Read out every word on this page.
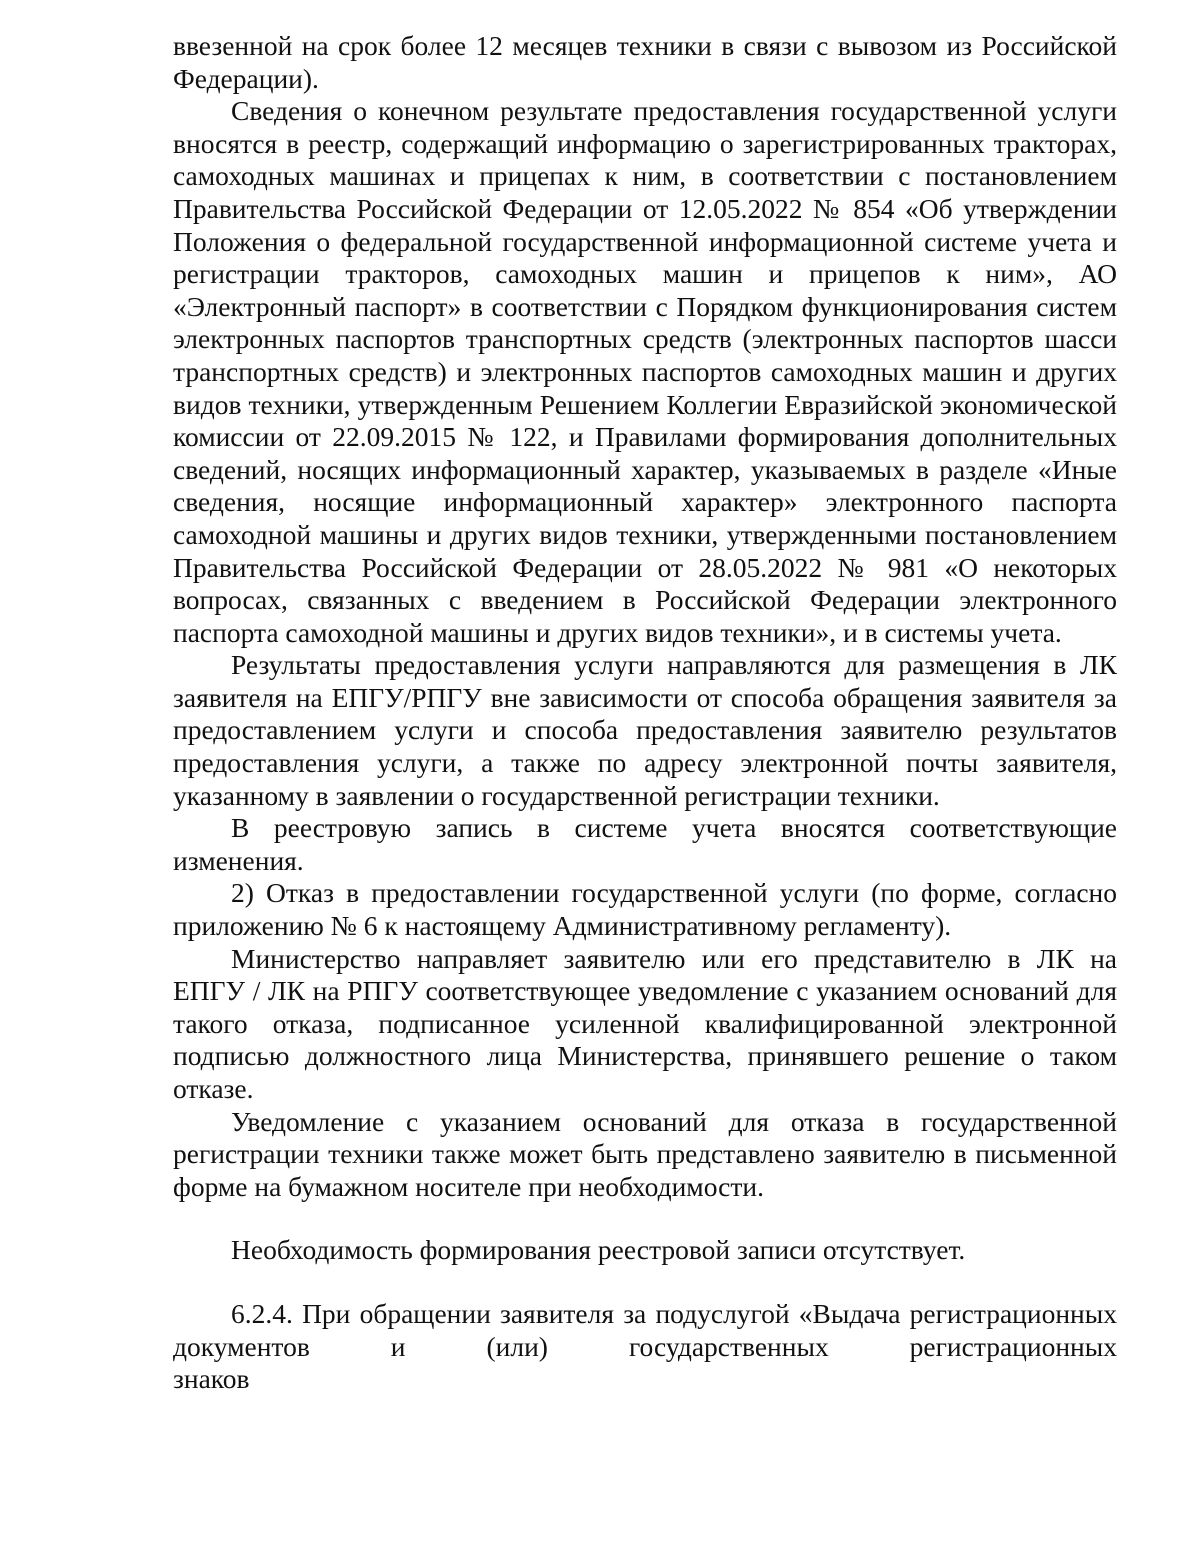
ввезенной на срок более 12 месяцев техники в связи с вывозом из Российской Федерации).

Сведения о конечном результате предоставления государственной услуги вносятся в реестр, содержащий информацию о зарегистрированных тракторах, самоходных машинах и прицепах к ним, в соответствии с постановлением Правительства Российской Федерации от 12.05.2022 № 854 «Об утверждении Положения о федеральной государственной информационной системе учета и регистрации тракторов, самоходных машин и прицепов к ним», АО «Электронный паспорт» в соответствии с Порядком функционирования систем электронных паспортов транспортных средств (электронных паспортов шасси транспортных средств) и электронных паспортов самоходных машин и других видов техники, утвержденным Решением Коллегии Евразийской экономической комиссии от 22.09.2015 № 122, и Правилами формирования дополнительных сведений, носящих информационный характер, указываемых в разделе «Иные сведения, носящие информационный характер» электронного паспорта самоходной машины и других видов техники, утвержденными постановлением Правительства Российской Федерации от 28.05.2022 № 981 «О некоторых вопросах, связанных с введением в Российской Федерации электронного паспорта самоходной машины и других видов техники», и в системы учета.

Результаты предоставления услуги направляются для размещения в ЛК заявителя на ЕПГУ/РПГУ вне зависимости от способа обращения заявителя за предоставлением услуги и способа предоставления заявителю результатов предоставления услуги, а также по адресу электронной почты заявителя, указанному в заявлении о государственной регистрации техники.

В реестровую запись в системе учета вносятся соответствующие изменения.

2) Отказ в предоставлении государственной услуги (по форме, согласно приложению № 6 к настоящему Административному регламенту).

Министерство направляет заявителю или его представителю в ЛК на ЕПГУ / ЛК на РПГУ соответствующее уведомление с указанием оснований для такого отказа, подписанное усиленной квалифицированной электронной подписью должностного лица Министерства, принявшего решение о таком отказе.

Уведомление с указанием оснований для отказа в государственной регистрации техники также может быть представлено заявителю в письменной форме на бумажном носителе при необходимости.

Необходимость формирования реестровой записи отсутствует.

6.2.4. При обращении заявителя за подуслугой «Выдача регистрационных документов и (или) государственных регистрационных

знаков
